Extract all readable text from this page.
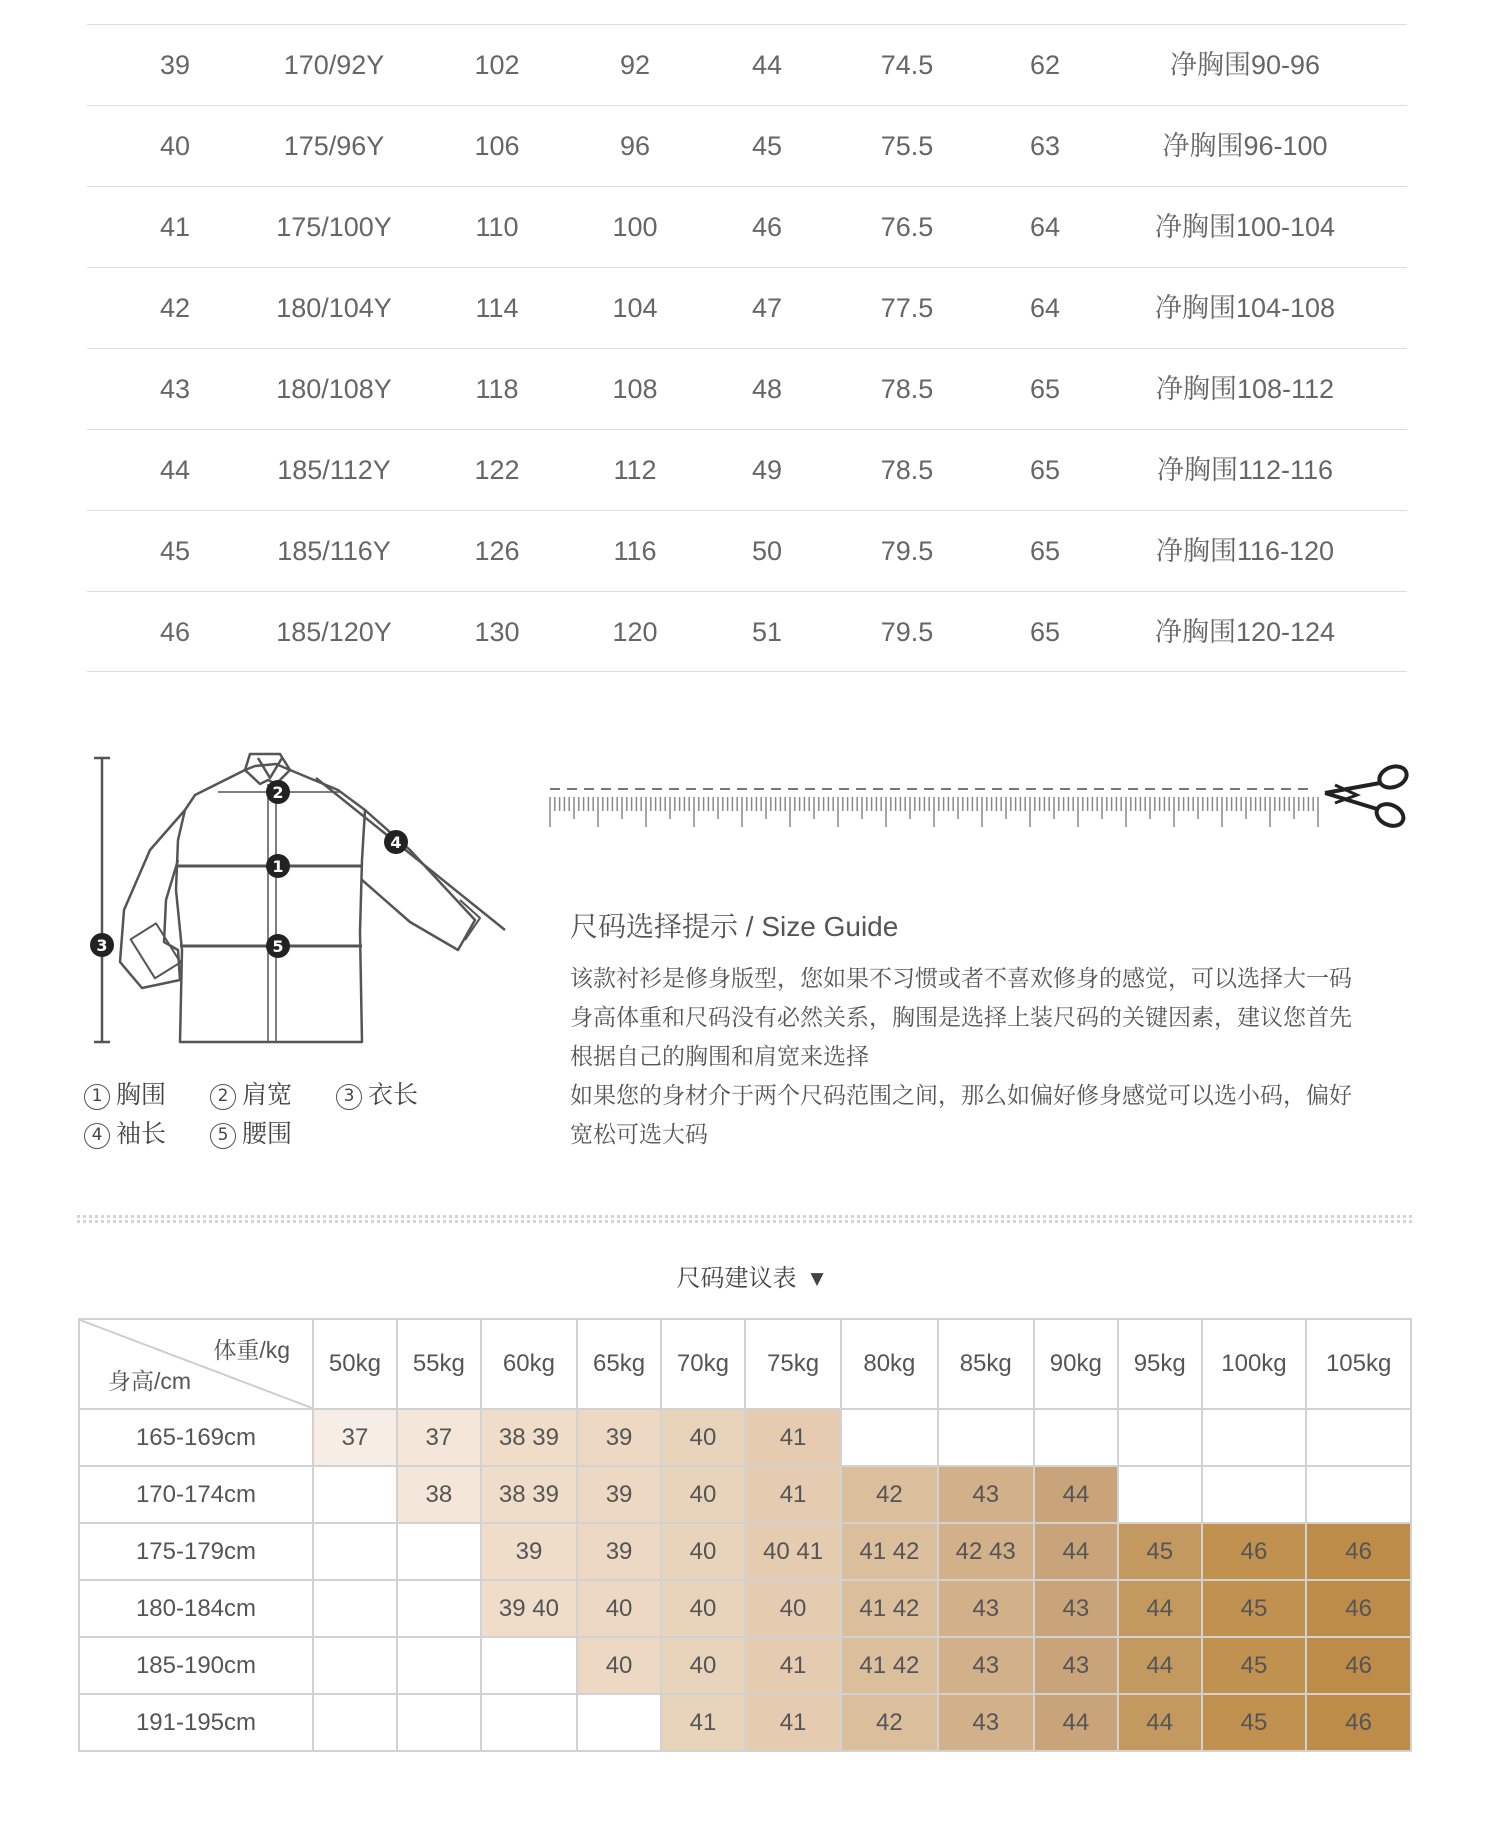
39	170/92Y	102	92	44	74.5	62	净胸围90-96
40	175/96Y	106	96	45	75.5	63	净胸围96-100
41	175/100Y	110	100	46	76.5	64	净胸围100-104
42	180/104Y	114	104	47	77.5	64	净胸围104-108
43	180/108Y	118	108	48	78.5	65	净胸围108-112
44	185/112Y	122	112	49	78.5	65	净胸围112-116
45	185/116Y	126	116	50	79.5	65	净胸围116-120
46	185/120Y	130	120	51	79.5	65	净胸围120-124
1
2
3
4
5
1 胸围	2 肩宽	3 衣长
4 袖长	5 腰围
尺码选择提示 / Size Guide

该款衬衫是修身版型，您如果不习惯或者不喜欢修身的感觉，可以选择大一码

身高体重和尺码没有必然关系，胸围是选择上装尺码的关键因素，建议您首先

根据自己的胸围和肩宽来选择

如果您的身材介于两个尺码范围之间，那么如偏好修身感觉可以选小码，偏好

宽松可选大码

尺码建议表 ▼
体重/kg
身高/cm	50kg	55kg	60kg	65kg	70kg	75kg	80kg	85kg	90kg	95kg	100kg	105kg
165-169cm	37	37	38 39	39	40	41						
170-174cm		38	38 39	39	40	41	42	43	44			
175-179cm			39	39	40	40 41	41 42	42 43	44	45	46	46
180-184cm			39 40	40	40	40	41 42	43	43	44	45	46
185-190cm				40	40	41	41 42	43	43	44	45	46
191-195cm					41	41	42	43	44	44	45	46
